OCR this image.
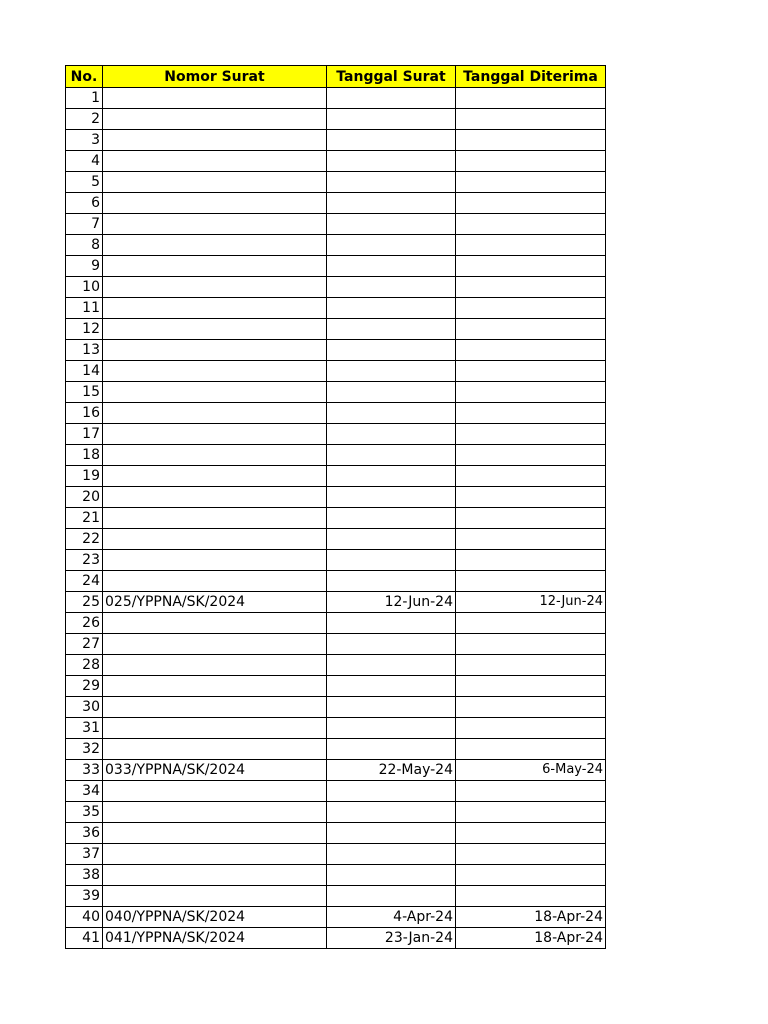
No.	Nomor Surat	Tanggal Surat	Tanggal Diterima
1			
2			
3			
4			
5			
6			
7			
8			
9			
10			
11			
12			
13			
14			
15			
16			
17			
18			
19			
20			
21			
22			
23			
24			
25	025/YPPNA/SK/2024	12-Jun-24	12-Jun-24
26			
27			
28			
29			
30			
31			
32			
33	033/YPPNA/SK/2024	22-May-24	6-May-24
34			
35			
36			
37			
38			
39			
40	040/YPPNA/SK/2024	4-Apr-24	18-Apr-24
41	041/YPPNA/SK/2024	23-Jan-24	18-Apr-24
